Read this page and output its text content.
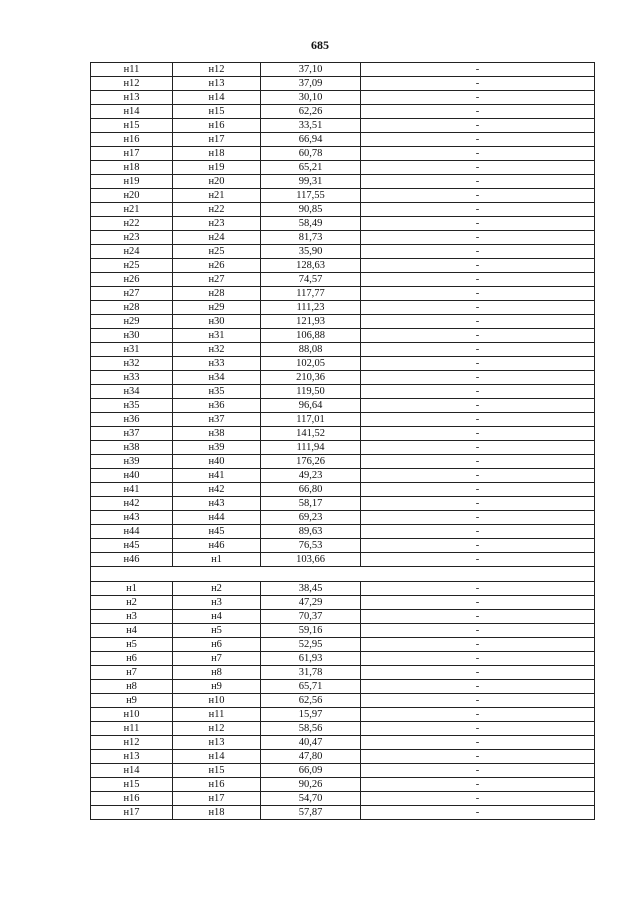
685
н11	н12	37,10	-
н12	н13	37,09	-
н13	н14	30,10	-
н14	н15	62,26	-
н15	н16	33,51	-
н16	н17	66,94	-
н17	н18	60,78	-
н18	н19	65,21	-
н19	н20	99,31	-
н20	н21	117,55	-
н21	н22	90,85	-
н22	н23	58,49	-
н23	н24	81,73	-
н24	н25	35,90	-
н25	н26	128,63	-
н26	н27	74,57	-
н27	н28	117,77	-
н28	н29	111,23	-
н29	н30	121,93	-
н30	н31	106,88	-
н31	н32	88,08	-
н32	н33	102,05	-
н33	н34	210,36	-
н34	н35	119,50	-
н35	н36	96,64	-
н36	н37	117,01	-
н37	н38	141,52	-
н38	н39	111,94	-
н39	н40	176,26	-
н40	н41	49,23	-
н41	н42	66,80	-
н42	н43	58,17	-
н43	н44	69,23	-
н44	н45	89,63	-
н45	н46	76,53	-
н46	н1	103,66	-

н1	н2	38,45	-
н2	н3	47,29	-
н3	н4	70,37	-
н4	н5	59,16	-
н5	н6	52,95	-
н6	н7	61,93	-
н7	н8	31,78	-
н8	н9	65,71	-
н9	н10	62,56	-
н10	н11	15,97	-
н11	н12	58,56	-
н12	н13	40,47	-
н13	н14	47,80	-
н14	н15	66,09	-
н15	н16	90,26	-
н16	н17	54,70	-
н17	н18	57,87	-
